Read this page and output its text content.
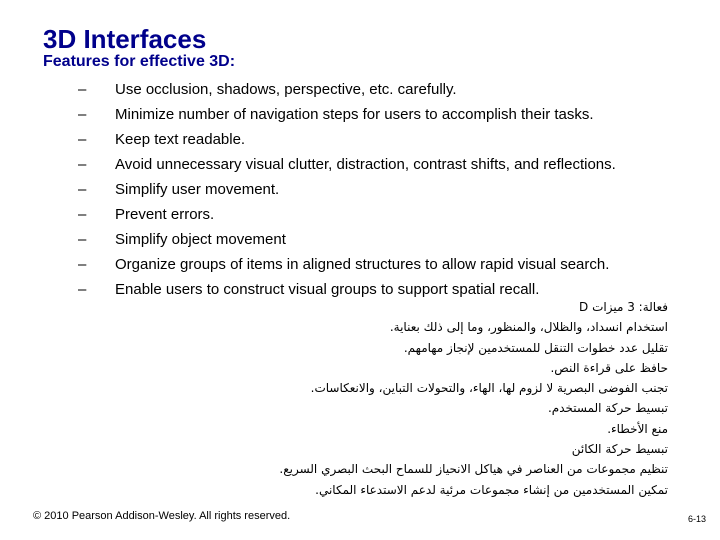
3D Interfaces
Features for effective 3D:
– Use occlusion, shadows, perspective, etc. carefully.
– Minimize number of navigation steps for users to accomplish their tasks.
– Keep text readable.
– Avoid unnecessary visual clutter, distraction, contrast shifts, and reflections.
– Simplify user movement.
– Prevent errors.
– Simplify object movement
– Organize groups of items in aligned structures to allow rapid visual search.
– Enable users to construct visual groups to support spatial recall.
فعالة: 3 ميزات D
استخدام انسداد، والظلال، والمنظور، وما إلى ذلك بعناية.
تقليل عدد خطوات التنقل للمستخدمين لإنجاز مهامهم.
حافظ على قراءة النص.
تجنب الفوضى البصرية لا لزوم لها، الهاء، والتحولات التباين، والانعكاسات.
تبسيط حركة المستخدم.
منع الأخطاء.
تبسيط حركة الكائن
تنظيم مجموعات من العناصر في هياكل الانحياز للسماح البحث البصري السريع.
تمكين المستخدمين من إنشاء مجموعات مرئية لدعم الاستدعاء المكاني.
© 2010 Pearson Addison-Wesley. All rights reserved.	6-13
